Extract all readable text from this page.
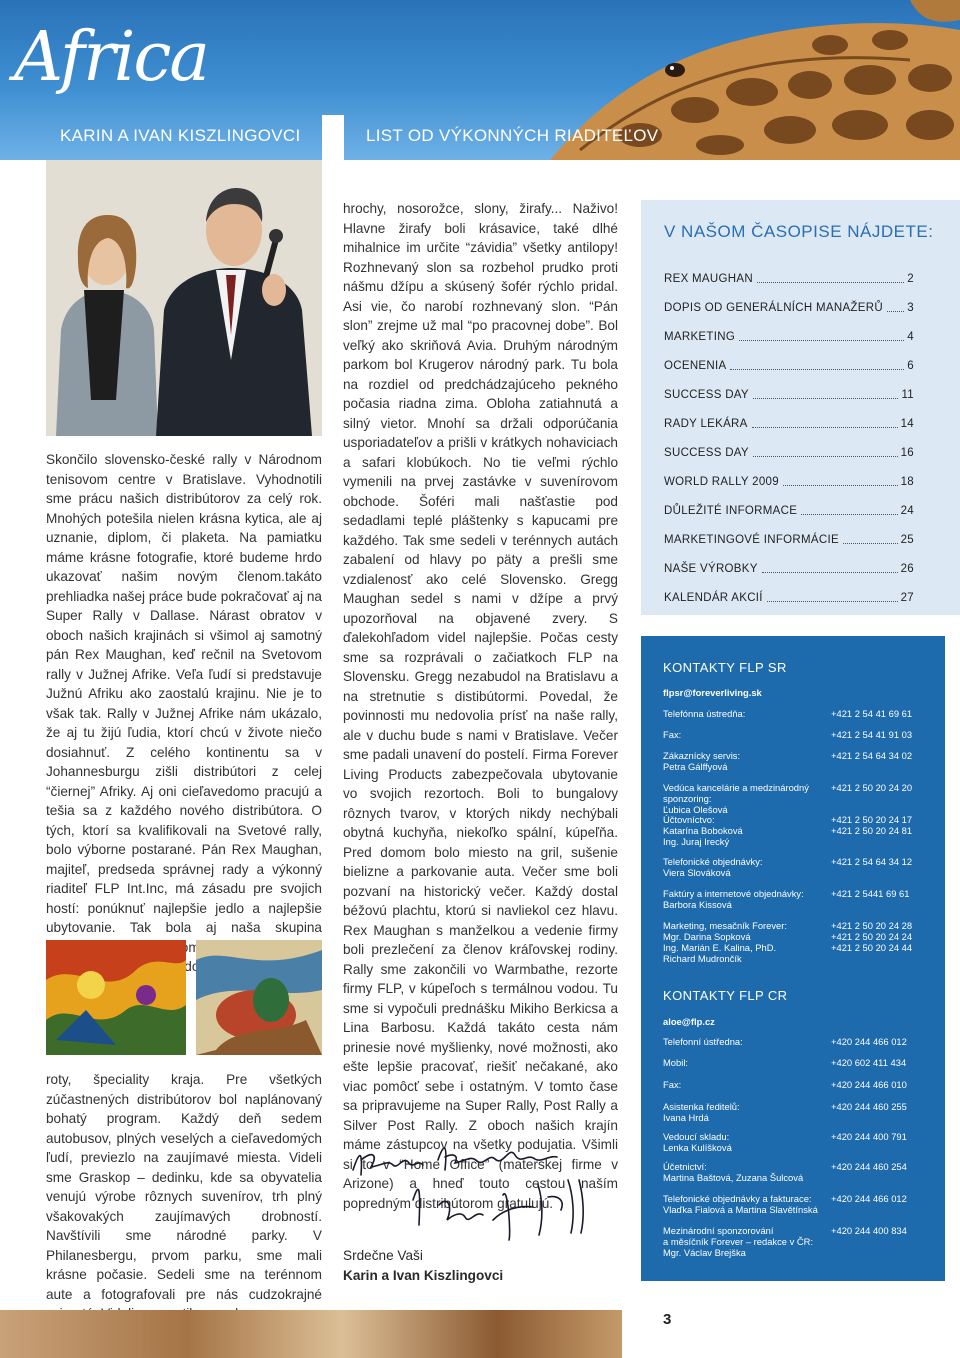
Africa
KARIN A IVAN KISZLINGOVCI	LIST OD VÝKONNÝCH RIADITEĽOV

Skončilo slovensko-české rally v Národnom tenisovom centre v Bratislave. Vyhodnotili sme prácu našich distribútorov za celý rok. Mnohých potešila nielen krásna kytica, ale aj uznanie, diplom, či plaketa. Na pamiatku máme krásne fotografie, ktoré budeme hrdo ukazovať našim novým členom.takáto prehliadka našej práce bude pokračovať aj na Super Rally v Dallase. Nárast obratov v oboch našich krajinách si všimol aj samotný pán Rex Maughan, keď rečnil na Svetovom rally v Južnej Afrike. Veľa ľudí si predstavuje Južnú Afriku ako zaostalú krajinu. Nie je to však tak. Rally v Južnej Afrike nám ukázalo, že aj tu žijú ľudia, ktorí chcú v živote niečo dosiahnuť. Z celého kontinentu sa v Johannesburgu zišli distribútori z celej “čiernej” Afriky. Aj oni cieľavedomo pracujú a tešia sa z každého nového distribútora. O tých, ktorí sa kvalifikovali na Svetové rally, bolo výborne postarané. Pán Rex Maughan, majiteľ, predseda správnej rady a výkonný riaditeľ FLP Int.Inc, má zásadu pre svojich hostí: ponúknuť najlepšie jedlo a najlepšie ubytovanie. Tak bola aj naša skupina

roty, špeciality kraja. Pre všetkých zúčastnených distribútorov bol naplánovaný bohatý program. Každý deň sedem autobusov, plných veselých a cieľavedomých ľudí, previezlo na zaujímavé miesta. Videli sme Graskop – dedinku, kde sa obyvatelia venujú výrobe rôznych suvenírov, trh plný všakovakých zaujímavých drobností. Navštívili sme národné parky. V Philanesbergu, prvom parku, sme mali krásne počasie. Sedeli sme na terénnom aute a fotografovali pre nás cudzokrajné

hrochy, nosorožce, slony, žirafy... Naživo! Hlavne žirafy boli krásavice, také dlhé mihalnice im určite “závidia” všetky antilopy! Rozhnevaný slon sa rozbehol prudko proti nášmu džípu a skúsený šofér rýchlo pridal. Asi vie, čo narobí rozhnevaný slon. “Pán slon” zrejme už mal “po pracovnej dobe”. Bol veľký ako skriňová Avia. Druhým národným parkom bol Krugerov národný park. Tu bola na rozdiel od predchádzajúceho pekného počasia riadna zima. Obloha zatiahnutá a silný vietor. Mnohí sa držali odporúčania usporiadateľov a prišli v krátkych nohaviciach a safari klobúkoch. No tie veľmi rýchlo vymenili na prvej zastávke v suvenírovom obchode. Šoféri mali našťastie pod sedadlami teplé pláštenky s kapucami pre každého. Tak sme sedeli v terénnych autách zabalení od hlavy po päty a prešli sme vzdialenosť ako celé Slovensko. Gregg Maughan sedel s nami v džípe a prvý upozorňoval na objavené zvery. S ďalekohľadom videl najlepšie. Počas cesty sme sa rozprávali o začiatkoch FLP na Slovensku. Gregg nezabudol na Bratislavu a na stretnutie s distibútormi. Povedal, že povinnosti mu nedovolia prísť na naše rally, ale v duchu bude s nami v Bratislave. Večer sme padali unavení do postelí. Firma Forever Living Products zabezpečovala ubytovanie vo svojich rezortoch. Boli to bungalovy rôznych tvarov, v ktorých nikdy nechýbali obytná kuchyňa, niekoľko spální, kúpeľňa. Pred domom bolo miesto na gril, sušenie bielizne a parkovanie auta. Večer sme boli pozvaní na historický večer. Každý dostal béžovú plachtu, ktorú si navliekol cez hlavu. Rex Maughan s manželkou a vedenie firmy boli prezlečení za členov kráľovskej rodiny. Rally sme zakončili vo Warmbathe, rezorte firmy FLP, v kúpeľoch s termálnou vodou. Tu sme si vypočuli prednášku Mikiho Berkicsa a Lina Barbosu. Každá takáto cesta nám prinesie nové myšlienky, nové možnosti, ako ešte lepšie pracovať, riešiť nečakané, ako viac pomôcť sebe i ostatným. V tomto čase sa pripravujeme na Super Rally, Post Rally a Silver Post Rally. Z oboch našich krajín máme zástupcov na všetky podujatia. Všimli si to v “Home Office” (materskej firme v Arizone) a hneď touto cestou naším popredným distribútorom gratulujú.

Srdečne Vaši
Karin a Ivan Kiszlingovci
V NAŠOM ČASOPISE NÁJDETE:
REX MAUGHAN	2
DOPIS OD GENERÁLNÍCH MANAŽERŮ 3
MARKETING	4
OCENENIA	6
SUCCESS DAY	11
RADY LEKÁRA	14
SUCCESS DAY	16
WORLD RALLY 2009	18
DŮLEŽITÉ INFORMACE	24
MARKETINGOVÉ INFORMÁCIE	25
NAŠE VÝROBKY	26
KALENDÁR AKCIÍ	27
KONTAKTY FLP SR
flpsr@foreverliving.sk
Telefónna ústredňa:	+421 2 54 41 69 61
Fax:	+421 2 54 41 91 03
Zákaznícky servis:
Petra Gálffyová
+421 2 54 64 34 02
Vedúca kancelárie a medzinárodný sponzoring:
Ľubica Olešová
+421 2 50 20 24 20
Účtovníctvo:
Katarína Boboková
Ing. Juraj Irecký
+421 2 50 20 24 17
+421 2 50 20 24 81
Telefonické objednávky:
Viera Slováková
+421 2 54 64 34 12
Faktúry a internetové objednávky:
Barbora Kissová
+421 2 5441 69 61
Marketing, mesačník Forever:
Mgr. Darina Sopková
Ing. Marián E. Kalina, PhD.
Richard Mudrončík
+421 2 50 20 24 28
+421 2 50 20 24 24
+421 2 50 20 24 44
KONTAKTY FLP CR
aloe@flp.cz
Telefonní ústředna:	+420 244 466 012
Mobil:	+420 602 411 434
Fax:	+420 244 466 010
Asistenka ředitelů:
Ivana Hrdá
+420 244 460 255
Vedoucí skladu:
Lenka Kulíšková
+420 244 400 791
Účetnictví:
Martina Baštová, Zuzana Šulcová
+420 244 460 254
Telefonické objednávky a fakturace:
Vlaďka Fialová a Martina Slavětínská
+420 244 466 012
Mezinárodní sponzorování
a měsíčník Forever – redakce v ČR:
Mgr. Václav Brejška
+420 244 400 834
3
